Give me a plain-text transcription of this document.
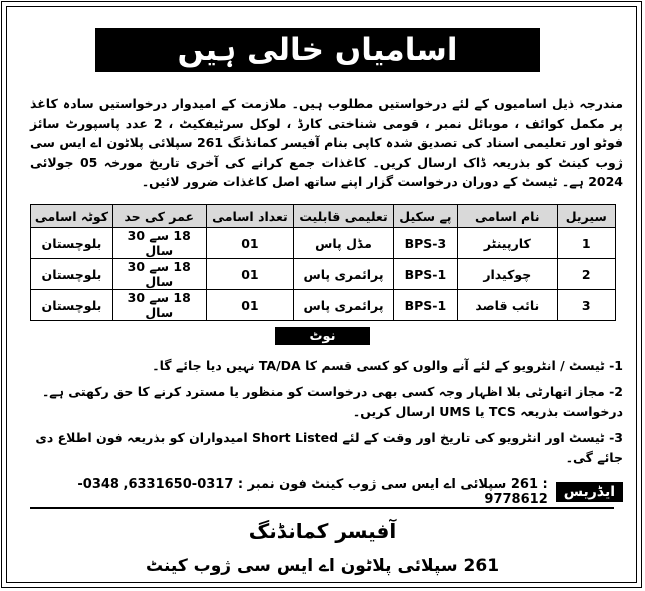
اسامیاں خالی ہیں
مندرجہ ذیل اسامیوں کے لئے درخواستیں مطلوب ہیں۔ ملازمت کے امیدوار درخواستیں سادہ کاغذ پر مکمل کوائف ، موبائل نمبر ، قومی شناختی کارڈ ، لوکل سرٹیفکیٹ ، 2 عدد پاسپورٹ سائز فوٹو اور تعلیمی اسناد کی تصدیق شدہ کاپی بنام آفیسر کمانڈنگ 261 سپلائی پلاٹون اے ایس سی ژوب کینٹ کو بذریعہ ڈاک ارسال کریں۔ کاغذات جمع کرانے کی آخری تاریخ مورخہ 05 جولائی 2024 ہے۔ ٹیسٹ کے دوران درخواست گزار اپنے ساتھ اصل کاغذات ضرور لائیں۔
سیریل	نام اسامی	پے سکیل	تعلیمی قابلیت	تعداد اسامی	عمر کی حد	کوٹہ اسامی
1	کارپینٹر	BPS-3	مڈل پاس	01	18 سے 30 سال	بلوچستان
2	چوکیدار	BPS-1	پرائمری پاس	01	18 سے 30 سال	بلوچستان
3	نائب قاصد	BPS-1	پرائمری پاس	01	18 سے 30 سال	بلوچستان
نوٹ
1- ٹیسٹ / انٹرویو کے لئے آنے والوں کو کسی قسم کا TA/DA نہیں دیا جائے گا۔
2- مجاز اتھارٹی بلا اظہار وجہ کسی بھی درخواست کو منظور یا مسترد کرنے کا حق رکھتی ہے۔ درخواست بذریعہ TCS یا UMS ارسال کریں۔
3- ٹیسٹ اور انٹرویو کی تاریخ اور وقت کے لئے Short Listed امیدواران کو بذریعہ فون اطلاع دی جائے گی۔
ایڈریس
: 261 سپلائی اے ایس سی ژوب کینٹ فون نمبر : 0317-6331650, 0348-9778612
آفیسر کمانڈنگ
261 سپلائی پلاٹون اے ایس سی ژوب کینٹ
